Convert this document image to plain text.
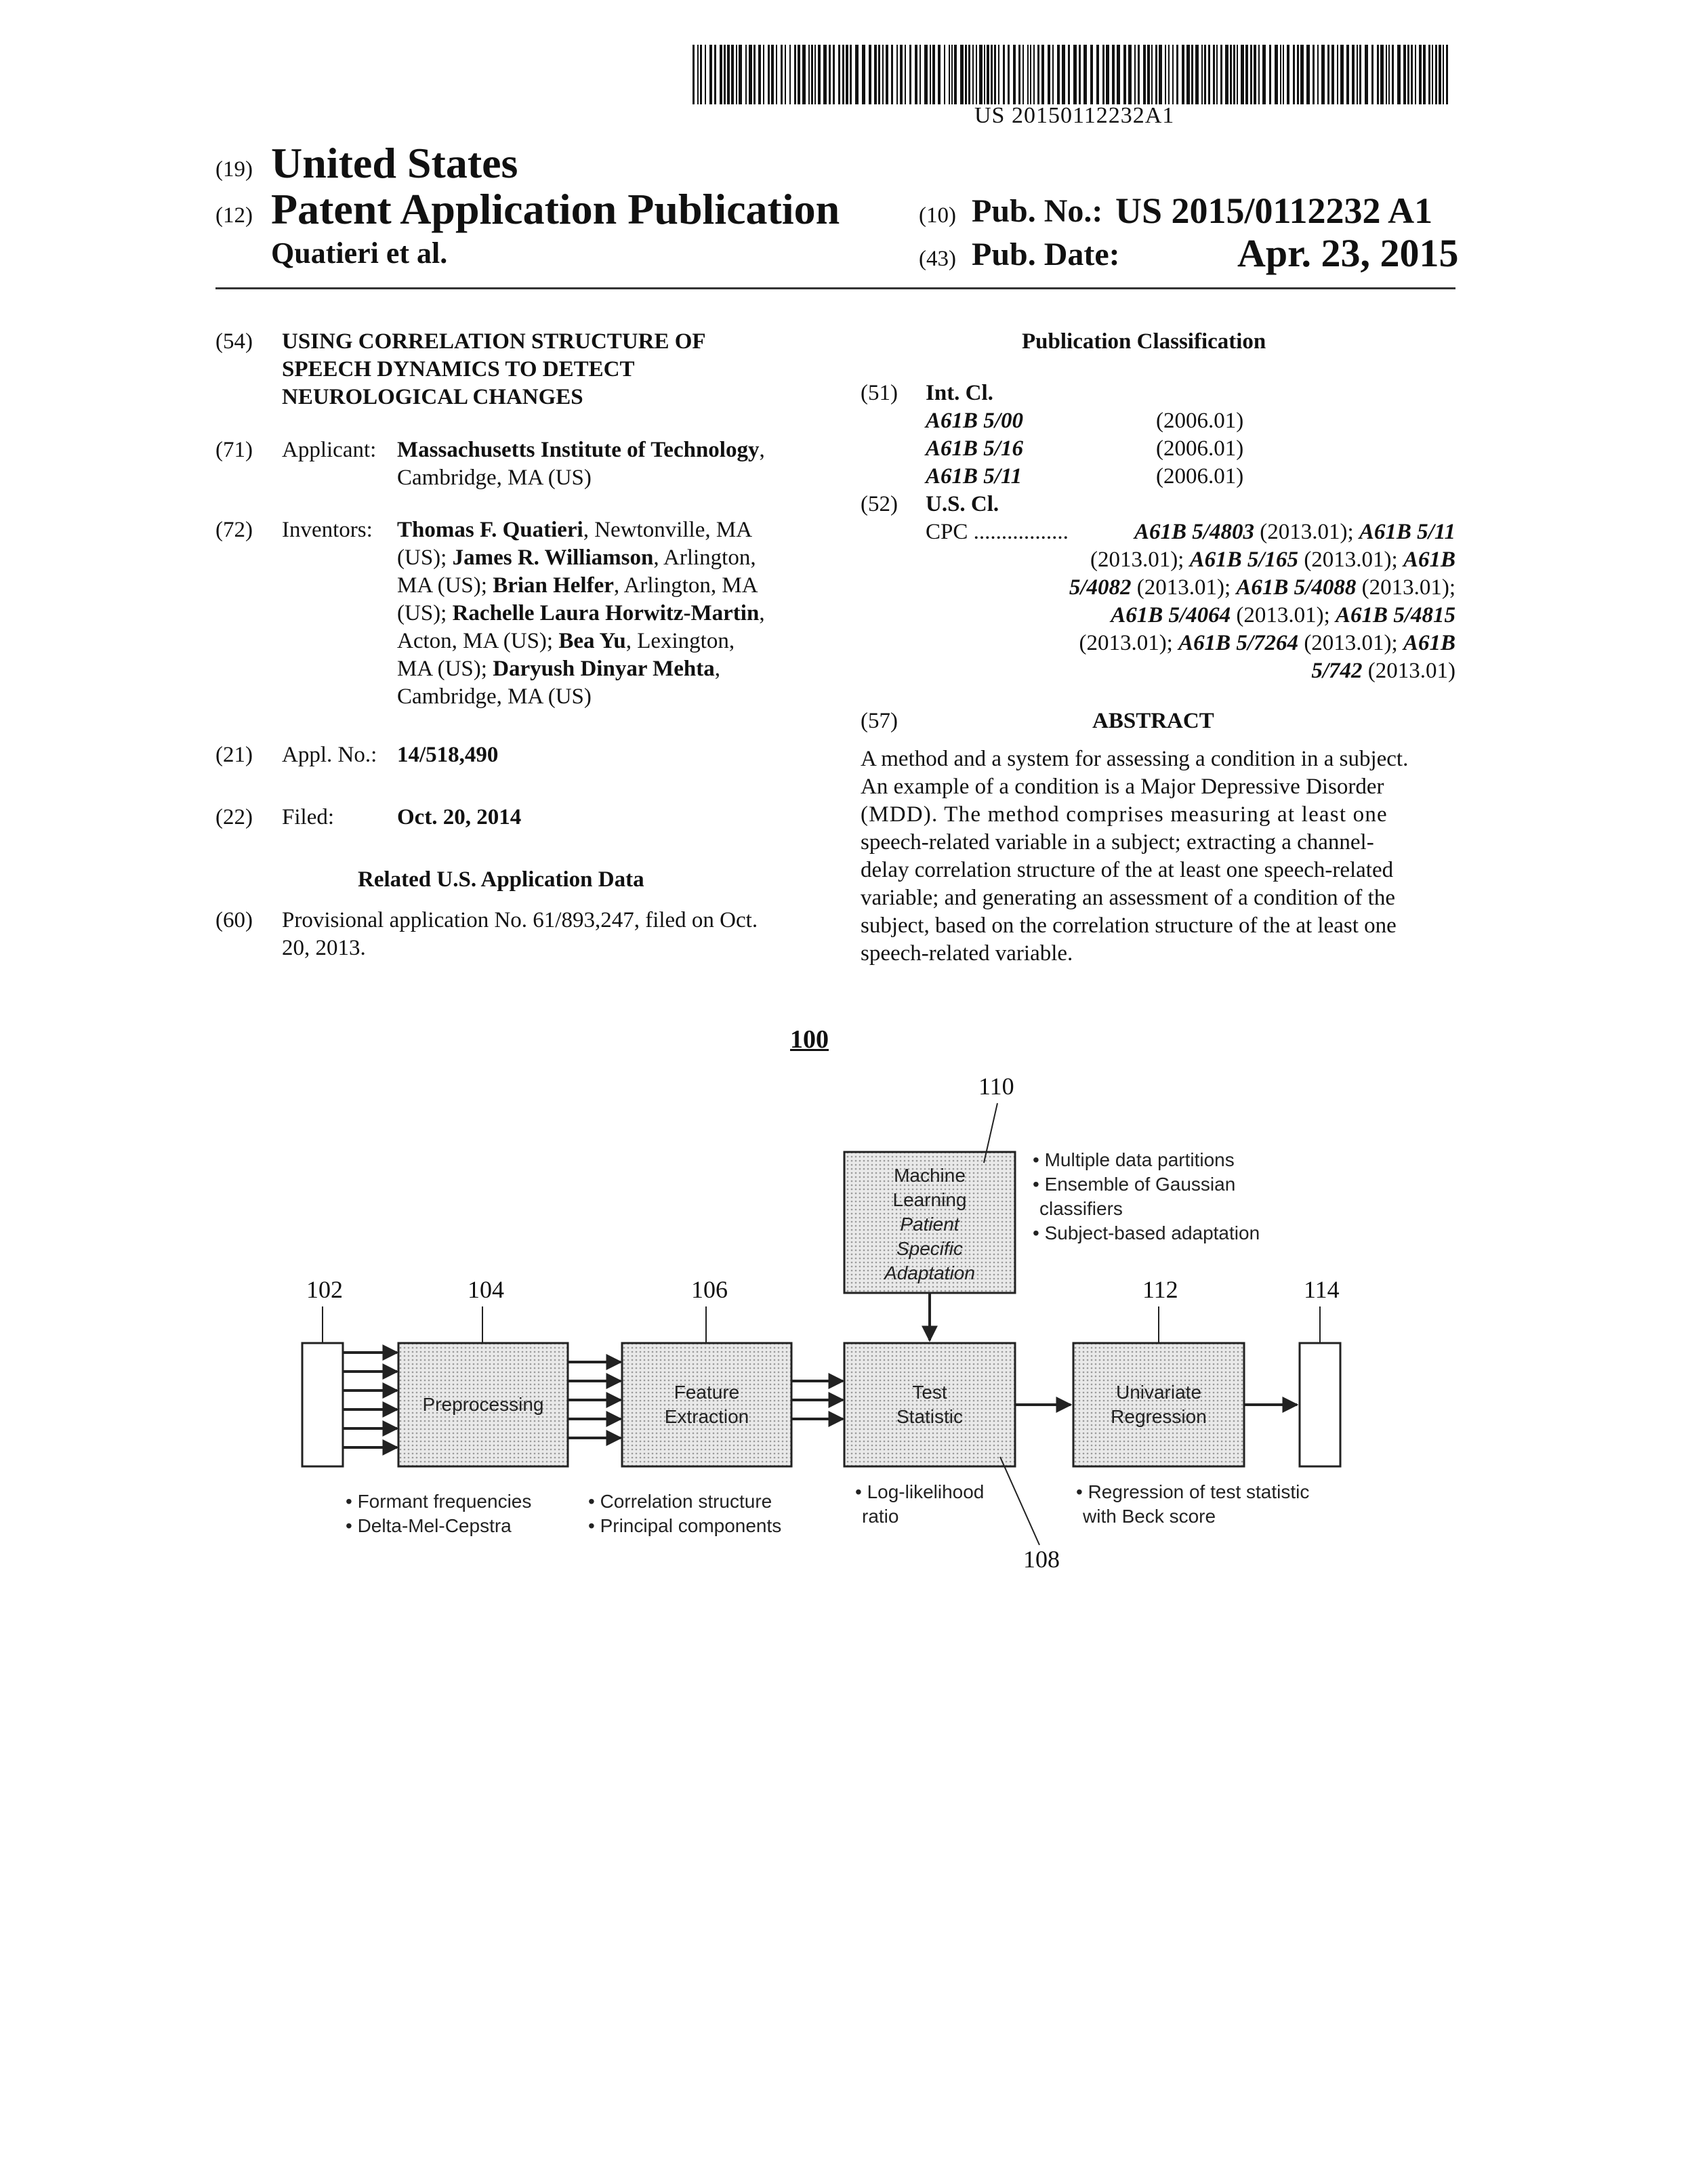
US 20150112232A1
(19) United States
(12) Patent Application Publication
Quatieri et al.
(10) Pub. No.: US 2015/0112232 A1
(43) Pub. Date:	Apr. 23, 2015
(54) USING CORRELATION STRUCTURE OF
SPEECH DYNAMICS TO DETECT
NEUROLOGICAL CHANGES
(71) Applicant: Massachusetts Institute of Technology,
Cambridge, MA (US)
(72) Inventors: Thomas F. Quatieri, Newtonville, MA
(US); James R. Williamson, Arlington,
MA (US); Brian Helfer, Arlington, MA
(US); Rachelle Laura Horwitz-Martin,
Acton, MA (US); Bea Yu, Lexington,
MA (US); Daryush Dinyar Mehta,
Cambridge, MA (US)
(21) Appl. No.: 14/518,490
(22) Filed:	Oct. 20, 2014
Related U.S. Application Data
(60) Provisional application No. 61/893,247, filed on Oct.
20, 2013.
Publication Classification
(51) Int. Cl.
A61B 5/00	(2006.01)
A61B 5/16	(2006.01)
A61B 5/11	(2006.01)
(52) U.S. Cl.
CPC .................	A61B 5/4803 (2013.01); A61B 5/11
(2013.01); A61B 5/165 (2013.01); A61B
5/4082 (2013.01); A61B 5/4088 (2013.01);
A61B 5/4064 (2013.01); A61B 5/4815
(2013.01); A61B 5/7264 (2013.01); A61B
5/742 (2013.01)
(57)	ABSTRACT
A method and a system for assessing a condition in a subject.
An example of a condition is a Major Depressive Disorder
(MDD). The method comprises measuring at least one
speech-related variable in a subject; extracting a channel-
delay correlation structure of the at least one speech-related
variable; and generating an assessment of a condition of the
subject, based on the correlation structure of the at least one
speech-related variable.
100
Machine
Learning
Patient
Specific
Adaptation
Preprocessing
Feature
Extraction
Test
Statistic
Univariate
Regression
110
102	104	106	112	114
108
• Multiple data partitions
• Ensemble of Gaussian
classifiers
• Subject-based adaptation
• Formant frequencies
• Delta-Mel-Cepstra
• Correlation structure
• Principal components
• Log-likelihood
ratio
• Regression of test statistic
with Beck score
